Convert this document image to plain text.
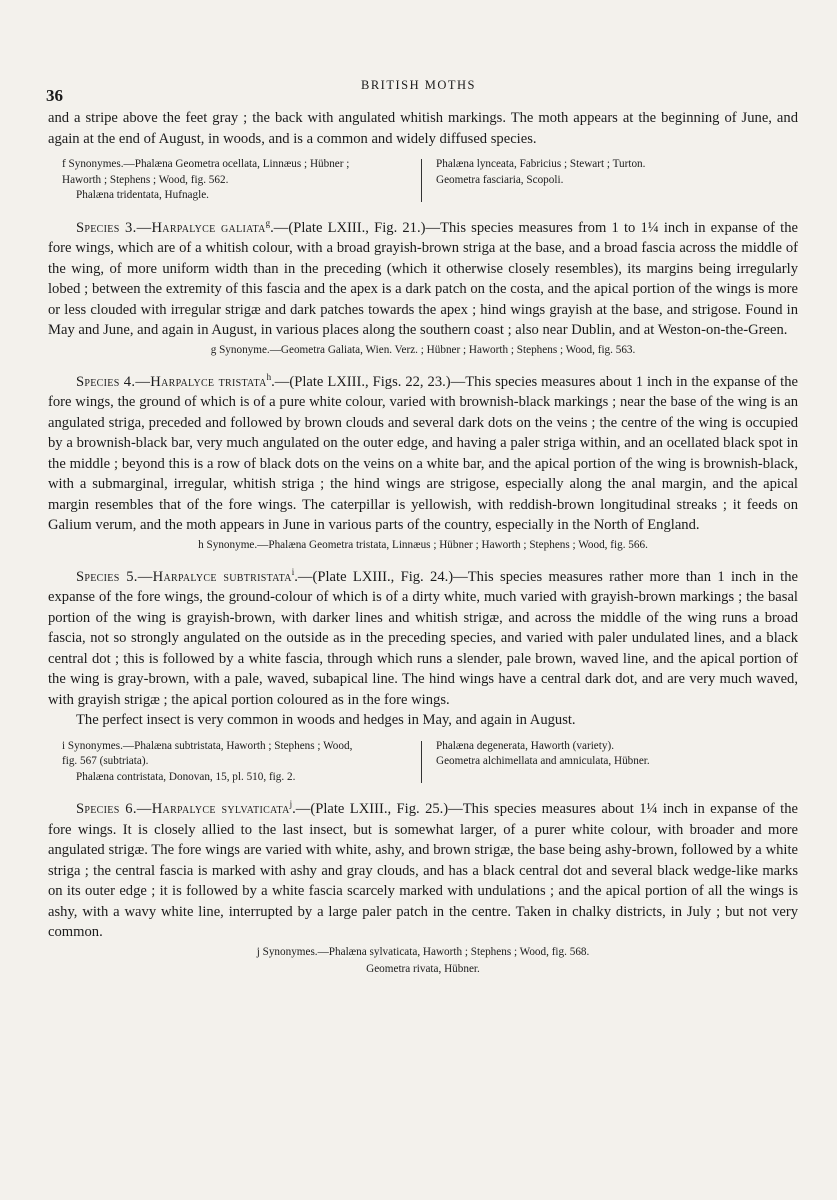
36
BRITISH MOTHS

and a stripe above the feet gray ; the back with angulated whitish markings. The moth appears at the beginning of June, and again at the end of August, in woods, and is a common and widely diffused species.

f Synonymes.—Phalæna Geometra ocellata, Linnæus ; Hübner ;
Haworth ; Stephens ; Wood, fig. 562.
Phalæna tridentata, Hufnagle.
Phalæna lynceata, Fabricius ; Stewart ; Turton.
Geometra fasciaria, Scopoli.

Species 3.—Harpalyce galiata$^g$.—(Plate LXIII., Fig. 21.)—This species measures from 1 to 1¼ inch in expanse of the fore wings, which are of a whitish colour, with a broad grayish-brown striga at the base, and a broad fascia across the middle of the wing, of more uniform width than in the preceding (which it otherwise closely resembles), its margins being irregularly lobed ; between the extremity of this fascia and the apex is a dark patch on the costa, and the apical portion of the wings is more or less clouded with irregular strigæ and dark patches towards the apex ; hind wings grayish at the base, and strigose. Found in May and June, and again in August, in various places along the southern coast ; also near Dublin, and at Weston-on-the-Green.

g Synonyme.—Geometra Galiata, Wien. Verz. ; Hübner ; Haworth ; Stephens ; Wood, fig. 563.

Species 4.—Harpalyce tristata$^h$.—(Plate LXIII., Figs. 22, 23.)—This species measures about 1 inch in the expanse of the fore wings, the ground of which is of a pure white colour, varied with brownish-black markings ; near the base of the wing is an angulated striga, preceded and followed by brown clouds and several dark dots on the veins ; the centre of the wing is occupied by a brownish-black bar, very much angulated on the outer edge, and having a paler striga within, and an ocellated black spot in the middle ; beyond this is a row of black dots on the veins on a white bar, and the apical portion of the wing is brownish-black, with a submarginal, irregular, whitish striga ; the hind wings are strigose, especially along the anal margin, and the apical margin resembles that of the fore wings. The caterpillar is yellowish, with reddish-brown longitudinal streaks ; it feeds on Galium verum, and the moth appears in June in various parts of the country, especially in the North of England.

h Synonyme.—Phalæna Geometra tristata, Linnæus ; Hübner ; Haworth ; Stephens ; Wood, fig. 566.

Species 5.—Harpalyce subtristata$^i$.—(Plate LXIII., Fig. 24.)—This species measures rather more than 1 inch in the expanse of the fore wings, the ground-colour of which is of a dirty white, much varied with grayish-brown markings ; the basal portion of the wing is grayish-brown, with darker lines and whitish strigæ, and across the middle of the wing runs a broad fascia, not so strongly angulated on the outside as in the preceding species, and varied with paler undulated lines, and a black central dot ; this is followed by a white fascia, through which runs a slender, pale brown, waved line, and the apical portion of the wing is gray-brown, with a pale, waved, subapical line. The hind wings have a central dark dot, and are very much waved, with grayish strigæ ; the apical portion coloured as in the fore wings.

The perfect insect is very common in woods and hedges in May, and again in August.

i Synonymes.—Phalæna subtristata, Haworth ; Stephens ; Wood,
fig. 567 (subtriata).
Phalæna contristata, Donovan, 15, pl. 510, fig. 2.
Phalæna degenerata, Haworth (variety).
Geometra alchimellata and amniculata, Hübner.

Species 6.—Harpalyce sylvaticata$^j$.—(Plate LXIII., Fig. 25.)—This species measures about 1¼ inch in expanse of the fore wings. It is closely allied to the last insect, but is somewhat larger, of a purer white colour, with broader and more angulated strigæ. The fore wings are varied with white, ashy, and brown strigæ, the base being ashy-brown, followed by a white striga ; the central fascia is marked with ashy and gray clouds, and has a black central dot and several black wedge-like marks on its outer edge ; it is followed by a white fascia scarcely marked with undulations ; and the apical portion of all the wings is ashy, with a wavy white line, interrupted by a large paler patch in the centre. Taken in chalky districts, in July ; but not very common.

j Synonymes.—Phalæna sylvaticata, Haworth ; Stephens ; Wood, fig. 568.
Geometra rivata, Hübner.
